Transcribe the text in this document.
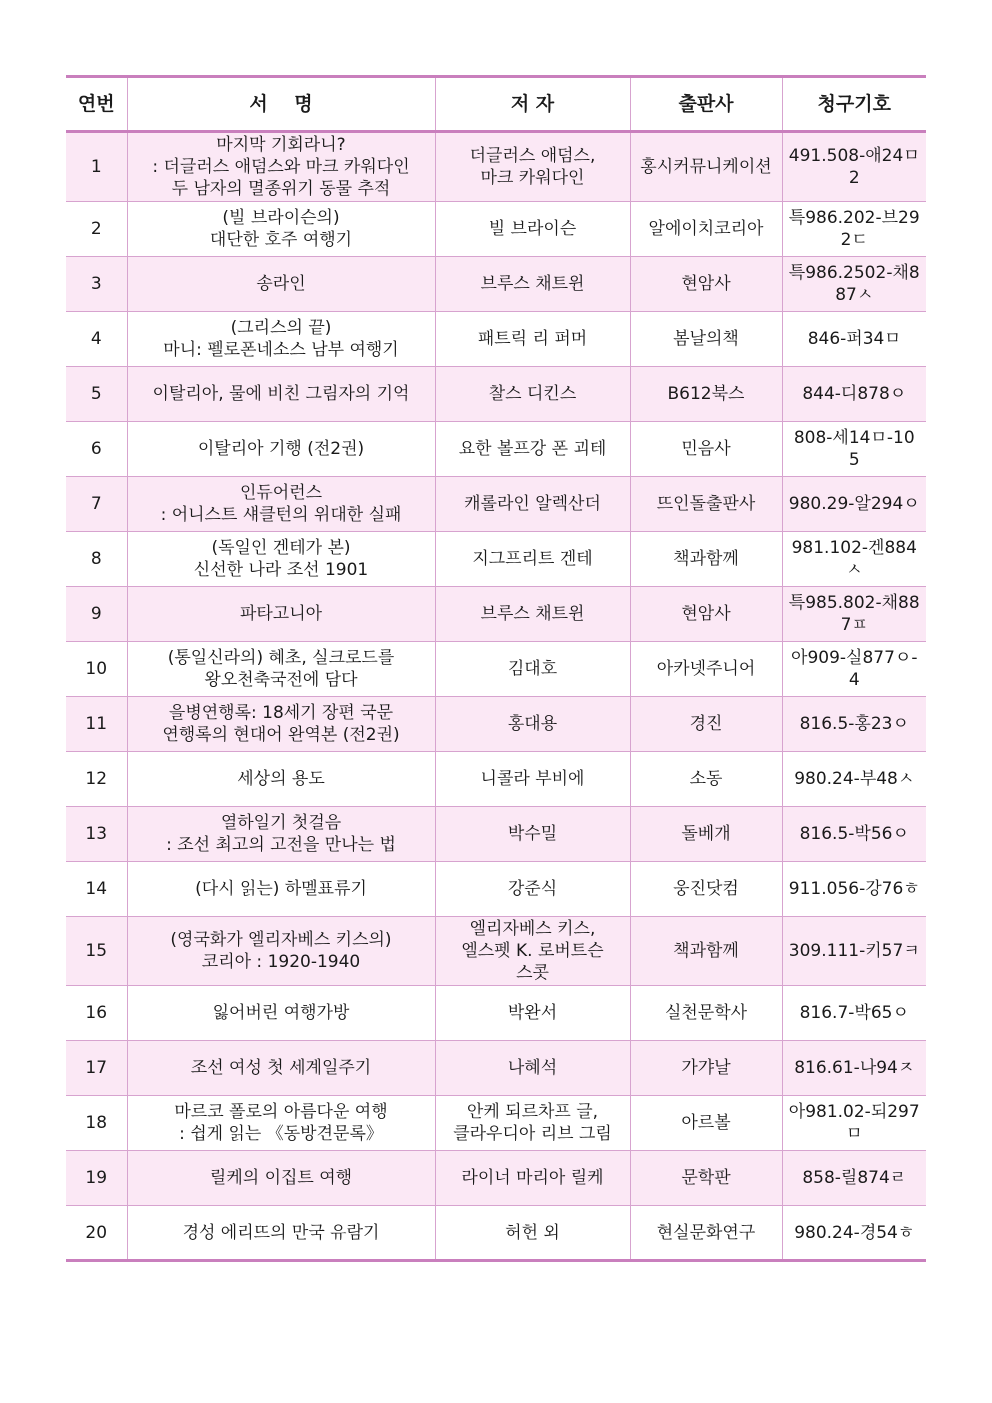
연번	서    명	저 자	출판사	청구기호
1	마지막 기회라니?
: 더글러스 애덤스와 마크 카워다인
두 남자의 멸종위기 동물 추적	더글러스 애덤스,
마크 카워다인	홍시커뮤니케이션	491.508-애24ㅁ2
2	(빌 브라이슨의)
대단한 호주 여행기	빌 브라이슨	알에이치코리아	특986.202-브292ㄷ
3	송라인	브루스 채트윈	현암사	특986.2502-채887ㅅ
4	(그리스의 끝)
마니: 펠로폰네소스 남부 여행기	패트릭 리 퍼머	봄날의책	846-퍼34ㅁ
5	이탈리아, 물에 비친 그림자의 기억	찰스 디킨스	B612북스	844-디878ㅇ
6	이탈리아 기행 (전2권)	요한 볼프강 폰 괴테	민음사	808-세14ㅁ-105
7	인듀어런스
: 어니스트 섀클턴의 위대한 실패	캐롤라인 알렉산더	뜨인돌출판사	980.29-알294ㅇ
8	(독일인 겐테가 본)
신선한 나라 조선 1901	지그프리트 겐테	책과함께	981.102-겐884ㅅ
9	파타고니아	브루스 채트윈	현암사	특985.802-채887ㅍ
10	(통일신라의) 혜초, 실크로드를
왕오천축국전에 담다	김대호	아카넷주니어	아909-실877ㅇ-4
11	을병연행록: 18세기 장편 국문
연행록의 현대어 완역본 (전2권)	홍대용	경진	816.5-홍23ㅇ
12	세상의 용도	니콜라 부비에	소동	980.24-부48ㅅ
13	열하일기 첫걸음
: 조선 최고의 고전을 만나는 법	박수밀	돌베개	816.5-박56ㅇ
14	(다시 읽는) 하멜표류기	강준식	웅진닷컴	911.056-강76ㅎ
15	(영국화가 엘리자베스 키스의)
코리아 : 1920-1940	엘리자베스 키스,
엘스펫 K. 로버트슨
스콧	책과함께	309.111-키57ㅋ
16	잃어버린 여행가방	박완서	실천문학사	816.7-박65ㅇ
17	조선 여성 첫 세계일주기	나혜석	가갸날	816.61-나94ㅈ
18	마르코 폴로의 아름다운 여행
: 쉽게 읽는 《동방견문록》	안케 되르차프 글,
클라우디아 리브 그림	아르볼	아981.02-되297ㅁ
19	릴케의 이집트 여행	라이너 마리아 릴케	문학판	858-릴874ㄹ
20	경성 에리뜨의 만국 유람기	허헌 외	현실문화연구	980.24-경54ㅎ
